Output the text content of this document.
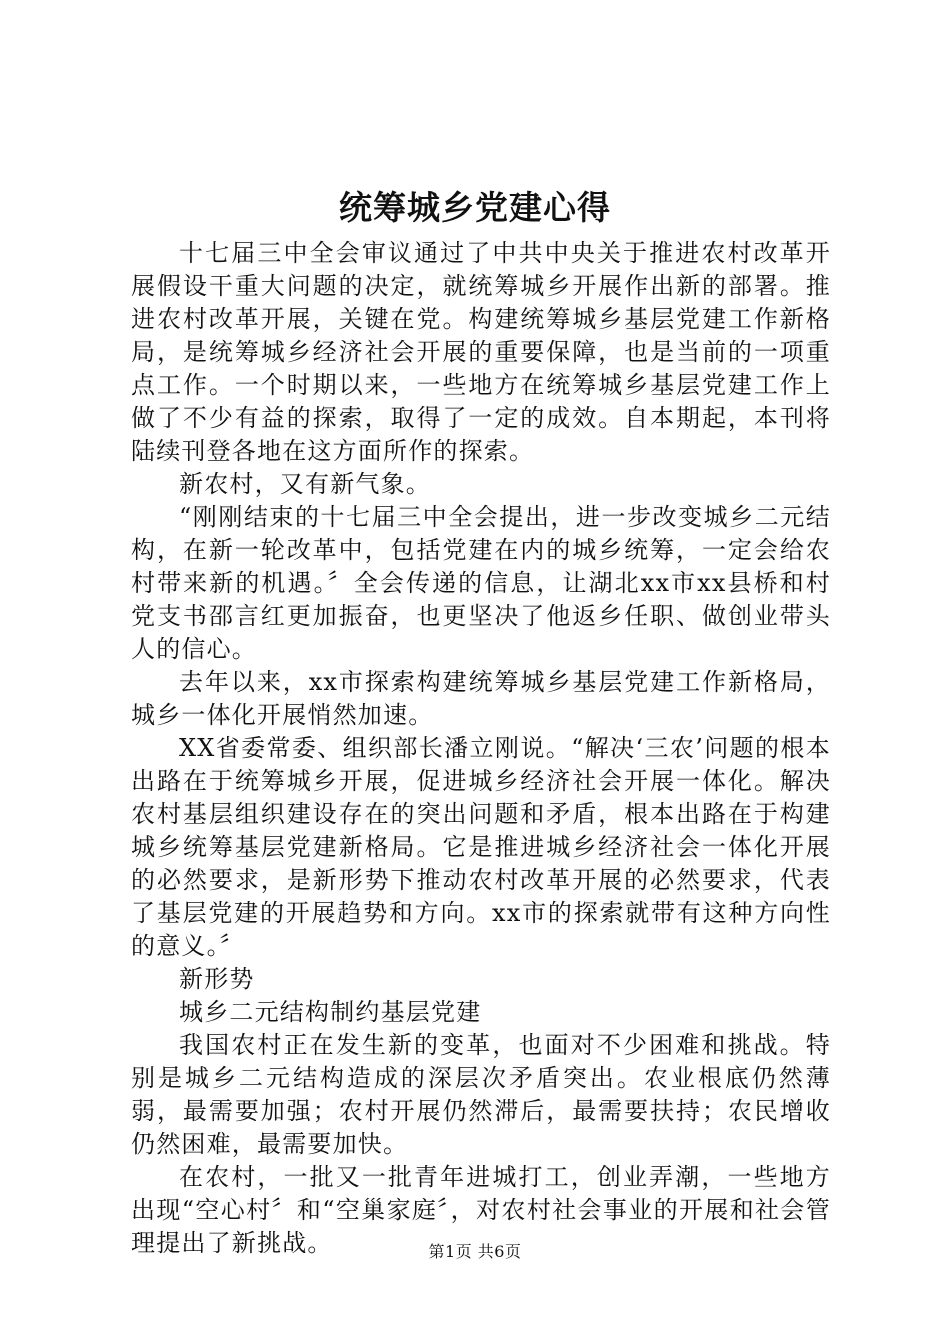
统筹城乡党建心得

十七届三中全会审议通过了中共中央关于推进农村改革开展假设干重大问题的决定，就统筹城乡开展作出新的部署。推进农村改革开展，关键在党。构建统筹城乡基层党建工作新格局，是统筹城乡经济社会开展的重要保障，也是当前的一项重点工作。一个时期以来，一些地方在统筹城乡基层党建工作上做了不少有益的探索，取得了一定的成效。自本期起，本刊将陆续刊登各地在这方面所作的探索。

新农村，又有新气象。

“刚刚结束的十七届三中全会提出，进一步改变城乡二元结构，在新一轮改革中，包括党建在内的城乡统筹，一定会给农村带来新的机遇。〞全会传递的信息，让湖北xx市xx县桥和村党支书邵言红更加振奋，也更坚决了他返乡任职、做创业带头人的信心。

去年以来，xx市探索构建统筹城乡基层党建工作新格局，城乡一体化开展悄然加速。

XX省委常委、组织部长潘立刚说。“解决‘三农’问题的根本出路在于统筹城乡开展，促进城乡经济社会开展一体化。解决农村基层组织建设存在的突出问题和矛盾，根本出路在于构建城乡统筹基层党建新格局。它是推进城乡经济社会一体化开展的必然要求，是新形势下推动农村改革开展的必然要求，代表了基层党建的开展趋势和方向。xx市的探索就带有这种方向性的意义。〞

新形势

城乡二元结构制约基层党建

我国农村正在发生新的变革，也面对不少困难和挑战。特别是城乡二元结构造成的深层次矛盾突出。农业根底仍然薄弱，最需要加强；农村开展仍然滞后，最需要扶持；农民增收仍然困难，最需要加快。

在农村，一批又一批青年进城打工，创业弄潮，一些地方出现“空心村〞和“空巢家庭〞，对农村社会事业的开展和社会管理提出了新挑战。	第1页 共6页
